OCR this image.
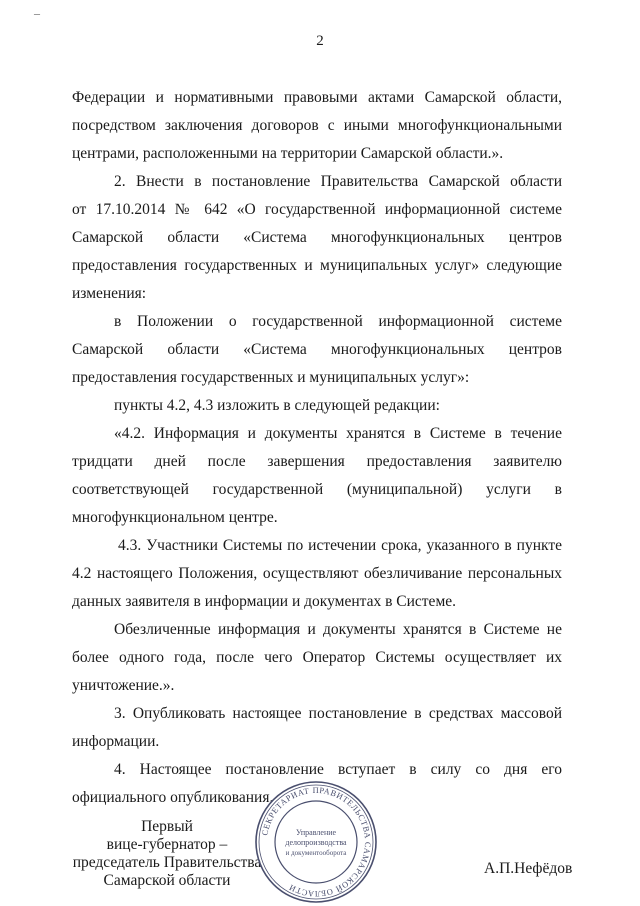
–
2
Федерации и нормативными правовыми актами Самарской области,
посредством заключения договоров с иными многофункциональными
центрами, расположенными на территории Самарской области.».
2. Внести в постановление Правительства Самарской области
от 17.10.2014 № 642 «О государственной информационной системе
Самарской области «Система многофункциональных центров
предоставления государственных и муниципальных услуг» следующие
изменения:
в Положении о государственной информационной системе
Самарской области «Система многофункциональных центров
предоставления государственных и муниципальных услуг»:
пункты 4.2, 4.3 изложить в следующей редакции:
«4.2. Информация и документы хранятся в Системе в течение
тридцати дней после завершения предоставления заявителю
соответствующей государственной (муниципальной) услуги в
многофункциональном центре.
4.3. Участники Системы по истечении срока, указанного в пункте
4.2 настоящего Положения, осуществляют обезличивание персональных
данных заявителя в информации и документах в Системе.
Обезличенные информация и документы хранятся в Системе не
более одного года, после чего Оператор Системы осуществляет их
уничтожение.».
3. Опубликовать настоящее постановление в средствах массовой
информации.
4. Настоящее постановление вступает в силу со дня его
официального опубликования.
Первый
вице-губернатор –
председатель Правительства
Самарской области
А.П.Нефёдов
СЕКРЕТАРИАТ ПРАВИТЕЛЬСТВА САМАРСКОЙ ОБЛАСТИ
Управление
делопроизводства
и документооборота
